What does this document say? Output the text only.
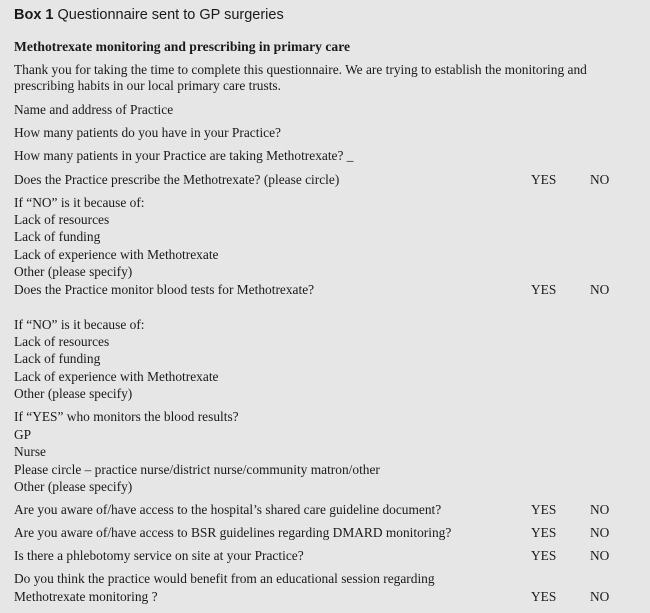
Box 1 Questionnaire sent to GP surgeries
Methotrexate monitoring and prescribing in primary care
Thank you for taking the time to complete this questionnaire. We are trying to establish the monitoring and
prescribing habits in our local primary care trusts.
Name and address of Practice
How many patients do you have in your Practice?
How many patients in your Practice are taking Methotrexate? _
Does the Practice prescribe the Methotrexate? (please circle)	YES	NO
If “NO” is it because of:
Lack of resources
Lack of funding
Lack of experience with Methotrexate
Other (please specify)
Does the Practice monitor blood tests for Methotrexate?	YES	NO
If “NO” is it because of:
Lack of resources
Lack of funding
Lack of experience with Methotrexate
Other (please specify)
If “YES” who monitors the blood results?
GP
Nurse
Please circle – practice nurse/district nurse/community matron/other
Other (please specify)
Are you aware of/have access to the hospital’s shared care guideline document?	YES	NO
Are you aware of/have access to BSR guidelines regarding DMARD monitoring?	YES	NO
Is there a phlebotomy service on site at your Practice?	YES	NO
Do you think the practice would benefit from an educational session regarding
Methotrexate monitoring ?	YES	NO
